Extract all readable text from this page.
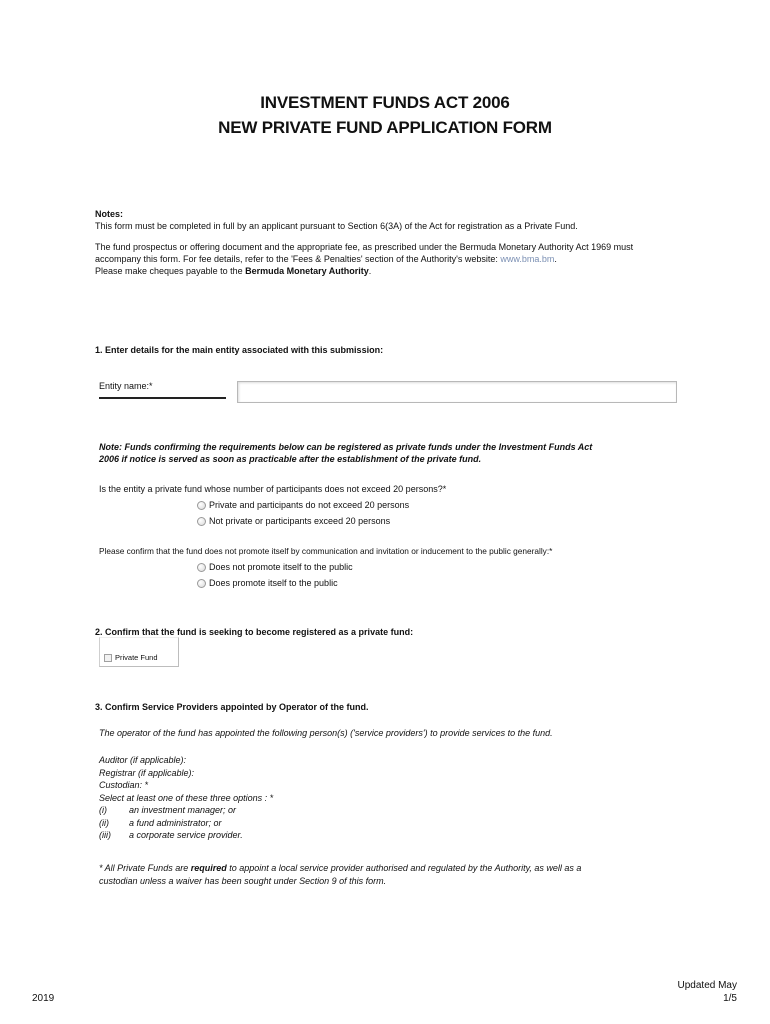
INVESTMENT FUNDS ACT 2006
NEW PRIVATE FUND APPLICATION FORM
Notes:
This form must be completed in full by an applicant pursuant to Section 6(3A) of the Act for registration as a Private Fund.
The fund prospectus or offering document and the appropriate fee, as prescribed under the Bermuda Monetary Authority Act 1969 must
accompany this form. For fee details, refer to the 'Fees & Penalties' section of the Authority's website: www.bma.bm.
Please make cheques payable to the Bermuda Monetary Authority.
1. Enter details for the main entity associated with this submission:
Entity name:*
Note: Funds confirming the requirements below can be registered as private funds under the Investment Funds Act
2006 if notice is served as soon as practicable after the establishment of the private fund.
Is the entity a private fund whose number of participants does not exceed 20 persons?*
Private and participants do not exceed 20 persons
Not private or participants exceed 20 persons
Please confirm that the fund does not promote itself by communication and invitation or inducement to the public generally:*
Does not promote itself to the public
Does promote itself to the public
2. Confirm that the fund is seeking to become registered as a private fund:
Private Fund
3. Confirm Service Providers appointed by Operator of the fund.
The operator of the fund has appointed the following person(s) ('service providers') to provide services to the fund.
Auditor (if applicable):
Registrar (if applicable):
Custodian: *
Select at least one of these three options : *
(i)	an investment manager; or
(ii)	a fund administrator; or
(iii)	a corporate service provider.
* All Private Funds are required to appoint a local service provider authorised and regulated by the Authority, as well as a
custodian unless a waiver has been sought under Section 9 of this form.
2019
Updated May
1/5
